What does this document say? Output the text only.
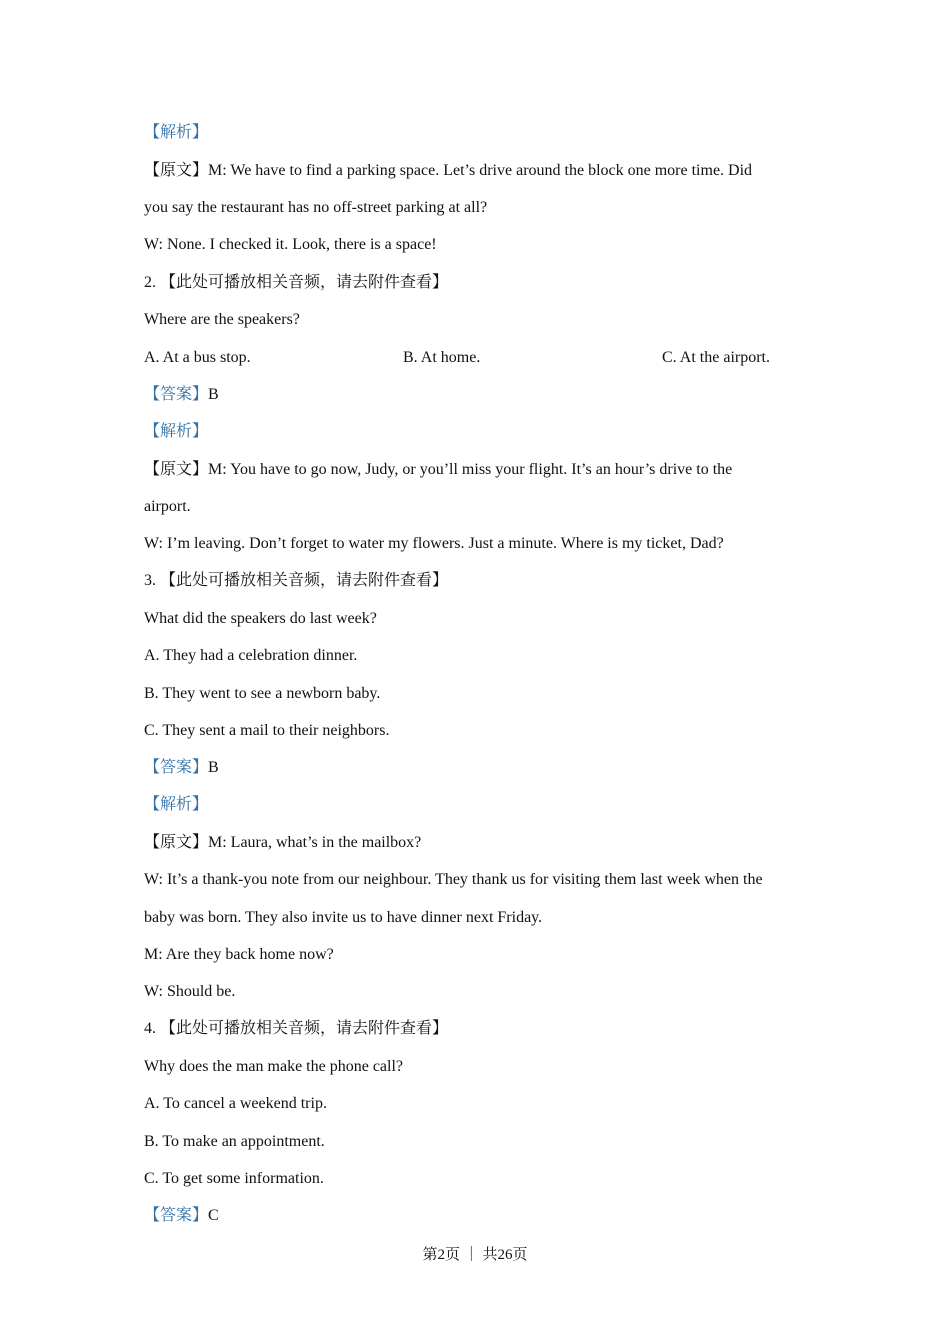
【解析】
【原文】M: We have to find a parking space. Let’s drive around the block one more time. Did
you say the restaurant has no off-street parking at all?
W: None. I checked it. Look, there is a space!
2. 【此处可播放相关音频，请去附件查看】
Where are the speakers?
A. At a bus stop.	B. At home.	C. At the airport.
【答案】B
【解析】
【原文】M: You have to go now, Judy, or you’ll miss your flight. It’s an hour’s drive to the
airport.
W: I’m leaving. Don’t forget to water my flowers. Just a minute. Where is my ticket, Dad?
3. 【此处可播放相关音频，请去附件查看】
What did the speakers do last week?
A. They had a celebration dinner.
B. They went to see a newborn baby.
C. They sent a mail to their neighbors.
【答案】B
【解析】
【原文】M: Laura, what’s in the mailbox?
W: It’s a thank-you note from our neighbour. They thank us for visiting them last week when the
baby was born. They also invite us to have dinner next Friday.
M: Are they back home now?
W: Should be.
4. 【此处可播放相关音频，请去附件查看】
Why does the man make the phone call?
A. To cancel a weekend trip.
B. To make an appointment.
C. To get some information.
【答案】C
第2页 ｜ 共26页
